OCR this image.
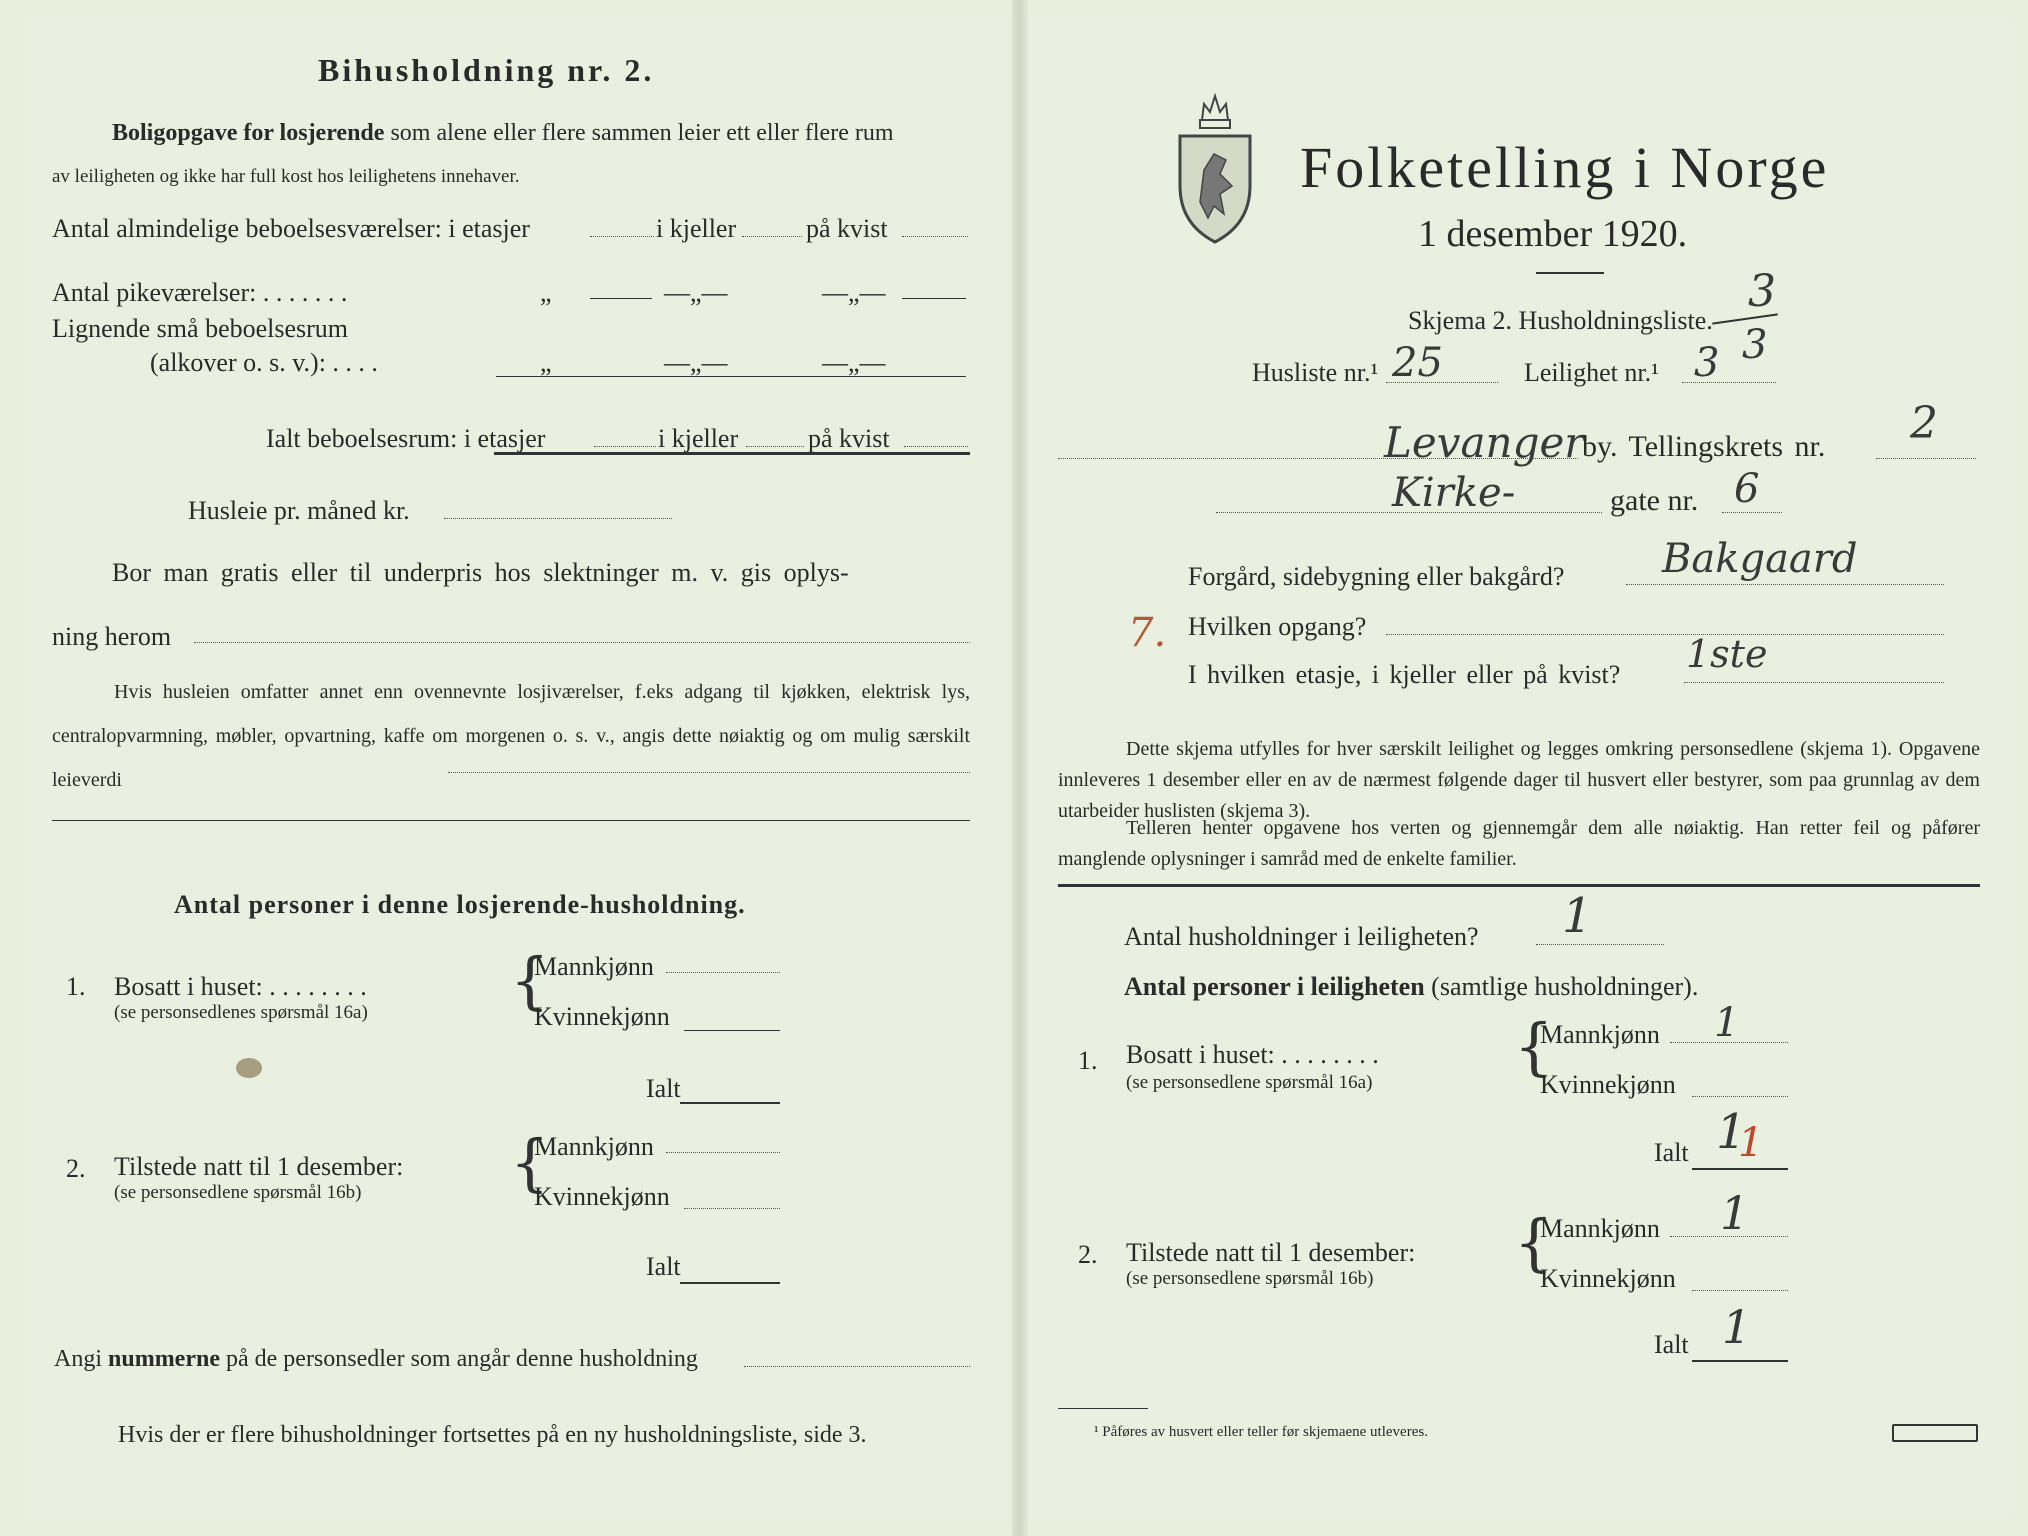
Bihusholdning nr. 2.
Boligopgave for losjerende som alene eller flere sammen leier ett eller flere rum
av leiligheten og ikke har full kost hos leilighetens innehaver.
Antal almindelige beboelsesværelser: i etasjer	i kjeller	på kvist
Antal pikeværelser: . . . . . . .	„	—„—	—„—
Lignende små beboelsesrum
(alkover o. s. v.): . . . .	„	—„—	—„—
Ialt beboelsesrum: i etasjer	i kjeller	på kvist
Husleie pr. måned kr.
Bor man gratis eller til underpris hos slektninger m. v. gis oplys-
ning herom
Hvis husleien omfatter annet enn ovennevnte losjiværelser, f.eks adgang til kjøkken, elektrisk lys, centralopvarmning, møbler, opvartning, kaffe om morgenen o. s. v., angis dette nøiaktig og om mulig særskilt leieverdi
Antal personer i denne losjerende-husholdning.
1. Bosatt i huset: . . . . . . . .
(se personsedlenes spørsmål 16a) {
Mannkjønn
Kvinnekjønn
Ialt
2. Tilstede natt til 1 desember:
(se personsedlene spørsmål 16b) {
Mannkjønn
Kvinnekjønn
Ialt
Angi nummerne på de personsedler som angår denne husholdning
Hvis der er flere bihusholdninger fortsettes på en ny husholdningsliste, side 3.
Folketelling i Norge
1 desember 1920.
Skjema 2. Husholdningsliste.
3
3
Husliste nr.¹ 25	Leilighet nr.¹ 3
Levanger
by. Tellingskrets nr. 2
Kirke-	gate nr. 6
Forgård, sidebygning eller bakgård? Bakgaard
7. Hvilken opgang?
I hvilken etasje, i kjeller eller på kvist? 1ste
Dette skjema utfylles for hver særskilt leilighet og legges omkring personsedlene (skjema 1). Opgavene innleveres 1 desember eller en av de nærmest følgende dager til husvert eller bestyrer, som paa grunnlag av dem utarbeider huslisten (skjema 3).
Telleren henter opgavene hos verten og gjennemgår dem alle nøiaktig. Han retter feil og påfører manglende oplysninger i samråd med de enkelte familier.
Antal husholdninger i leiligheten? 1
Antal personer i leiligheten (samtlige husholdninger).
1. Bosatt i huset: . . . . . . . .
(se personsedlene spørsmål 16a) {
Mannkjønn 1
Kvinnekjønn
Ialt 1
1
2. Tilstede natt til 1 desember:
(se personsedlene spørsmål 16b) {
Mannkjønn 1
Kvinnekjønn
Ialt 1
¹ Påføres av husvert eller teller før skjemaene utleveres.
